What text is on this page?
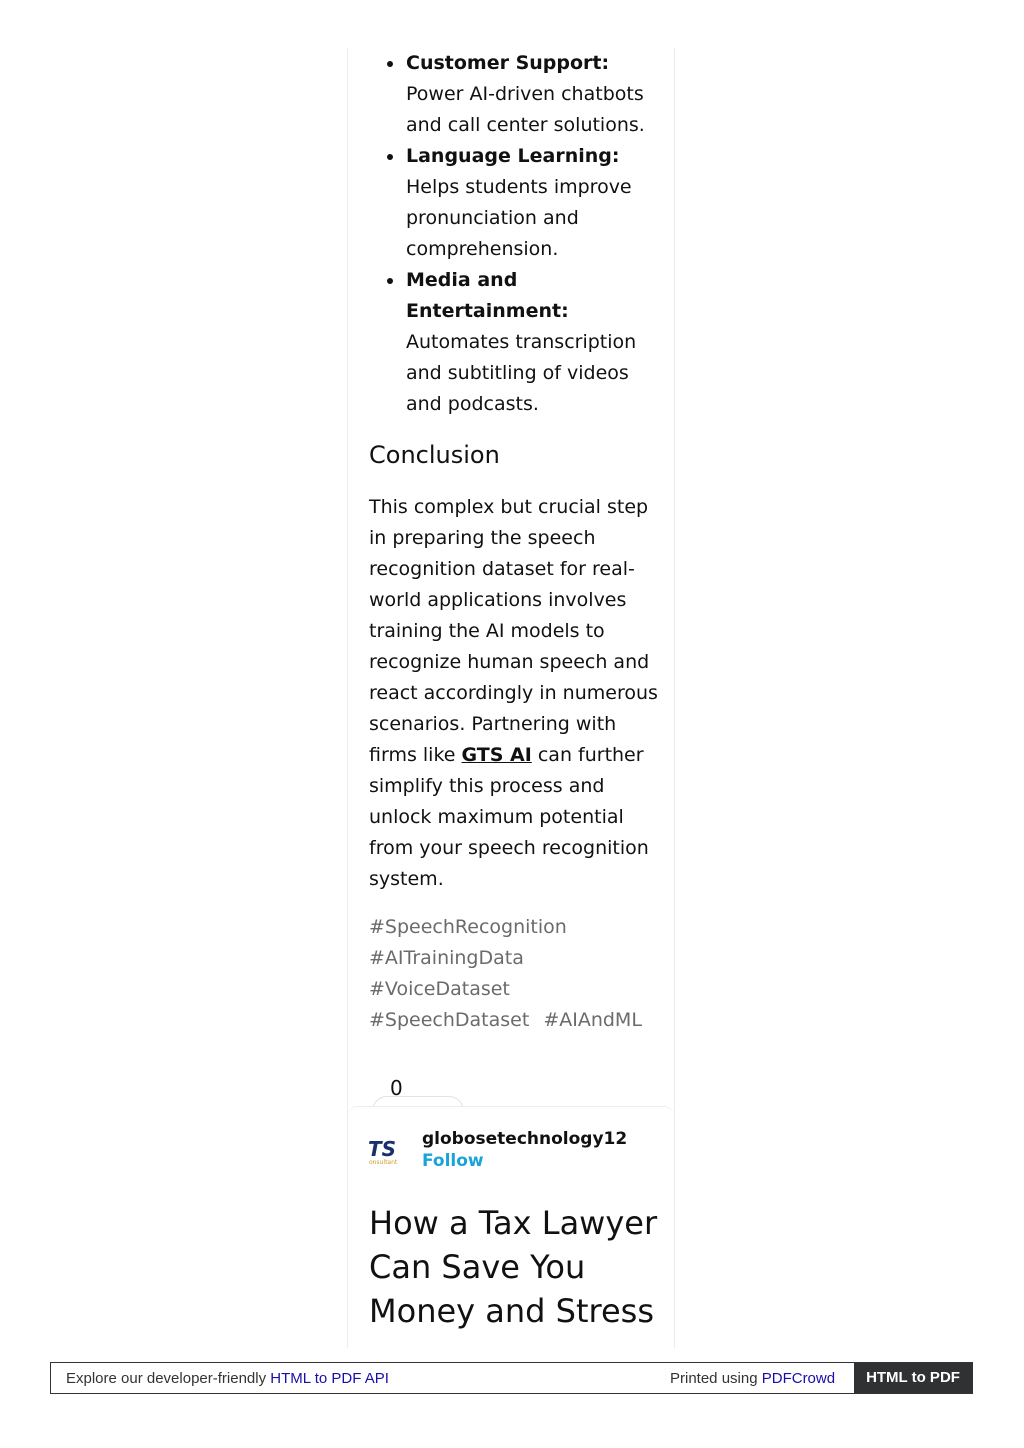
Customer Support:
Power AI-driven chatbots and call center solutions.
Language Learning:
Helps students improve pronunciation and comprehension.
Media and Entertainment:
Automates transcription and subtitling of videos and podcasts.
Conclusion

This complex but crucial step in preparing the speech recognition dataset for real-world applications involves training the AI models to recognize human speech and react accordingly in numerous scenarios. Partnering with firms like GTS AI can further simplify this process and unlock maximum potential from your speech recognition system.

#SpeechRecognition
#AITrainingData
#VoiceDataset
#SpeechDataset #AIAndML
0
TS
onsultant
globosetechnology12
Follow
How a Tax Lawyer Can Save You Money and Stress
Explore our developer-friendly HTML to PDF API	Printed using PDFCrowd	HTML to PDF
